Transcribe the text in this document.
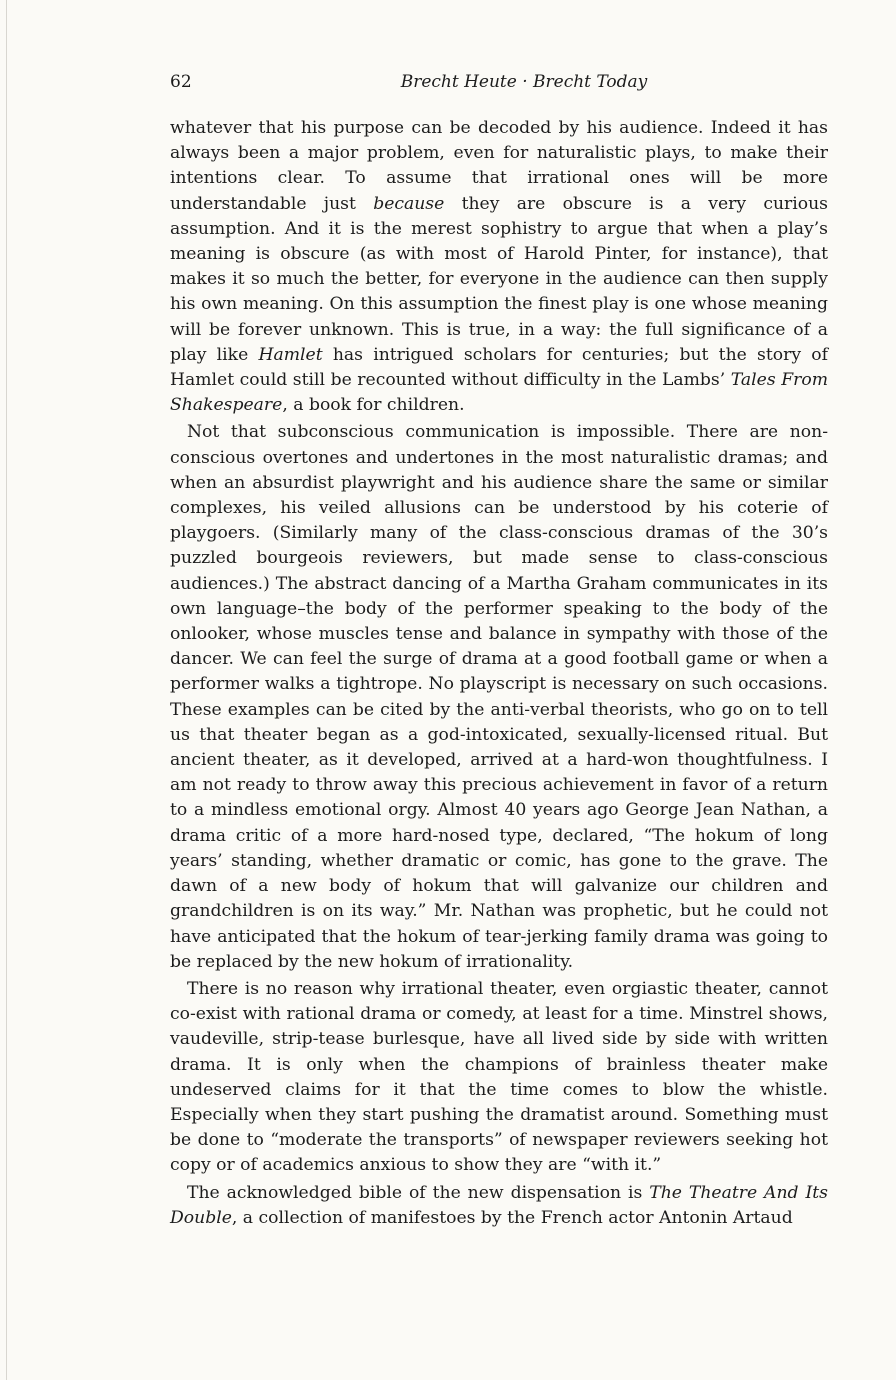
62	Brecht Heute · Brecht Today

whatever that his purpose can be decoded by his audience. Indeed it has always been a major problem, even for naturalistic plays, to make their intentions clear. To assume that irrational ones will be more understandable just because they are obscure is a very curious assumption. And it is the merest sophistry to argue that when a play’s meaning is obscure (as with most of Harold Pinter, for instance), that makes it so much the better, for everyone in the audience can then supply his own meaning. On this assumption the finest play is one whose meaning will be forever unknown. This is true, in a way: the full significance of a play like Hamlet has intrigued scholars for centuries; but the story of Hamlet could still be recounted without difficulty in the Lambs’ Tales From Shakespeare, a book for children.

Not that subconscious communication is impossible. There are non-conscious overtones and undertones in the most naturalistic dramas; and when an absurdist playwright and his audience share the same or similar complexes, his veiled allusions can be understood by his coterie of playgoers. (Similarly many of the class-conscious dramas of the 30’s puzzled bourgeois reviewers, but made sense to class-conscious audiences.) The abstract dancing of a Martha Graham communicates in its own language–the body of the performer speaking to the body of the onlooker, whose muscles tense and balance in sympathy with those of the dancer. We can feel the surge of drama at a good football game or when a performer walks a tightrope. No playscript is necessary on such occasions. These examples can be cited by the anti-verbal theorists, who go on to tell us that theater began as a god-intoxicated, sexually-licensed ritual. But ancient theater, as it developed, arrived at a hard-won thoughtfulness. I am not ready to throw away this precious achievement in favor of a return to a mindless emotional orgy. Almost 40 years ago George Jean Nathan, a drama critic of a more hard-nosed type, declared, “The hokum of long years’ standing, whether dramatic or comic, has gone to the grave. The dawn of a new body of hokum that will galvanize our children and grandchildren is on its way.” Mr. Nathan was prophetic, but he could not have anticipated that the hokum of tear-jerking family drama was going to be replaced by the new hokum of irrationality.

There is no reason why irrational theater, even orgiastic theater, cannot co-exist with rational drama or comedy, at least for a time. Minstrel shows, vaudeville, strip-tease burlesque, have all lived side by side with written drama. It is only when the champions of brainless theater make undeserved claims for it that the time comes to blow the whistle. Especially when they start pushing the dramatist around. Something must be done to “moderate the transports” of newspaper reviewers seeking hot copy or of academics anxious to show they are “with it.”

The acknowledged bible of the new dispensation is The Theatre And Its Double, a collection of manifestoes by the French actor Antonin Artaud
